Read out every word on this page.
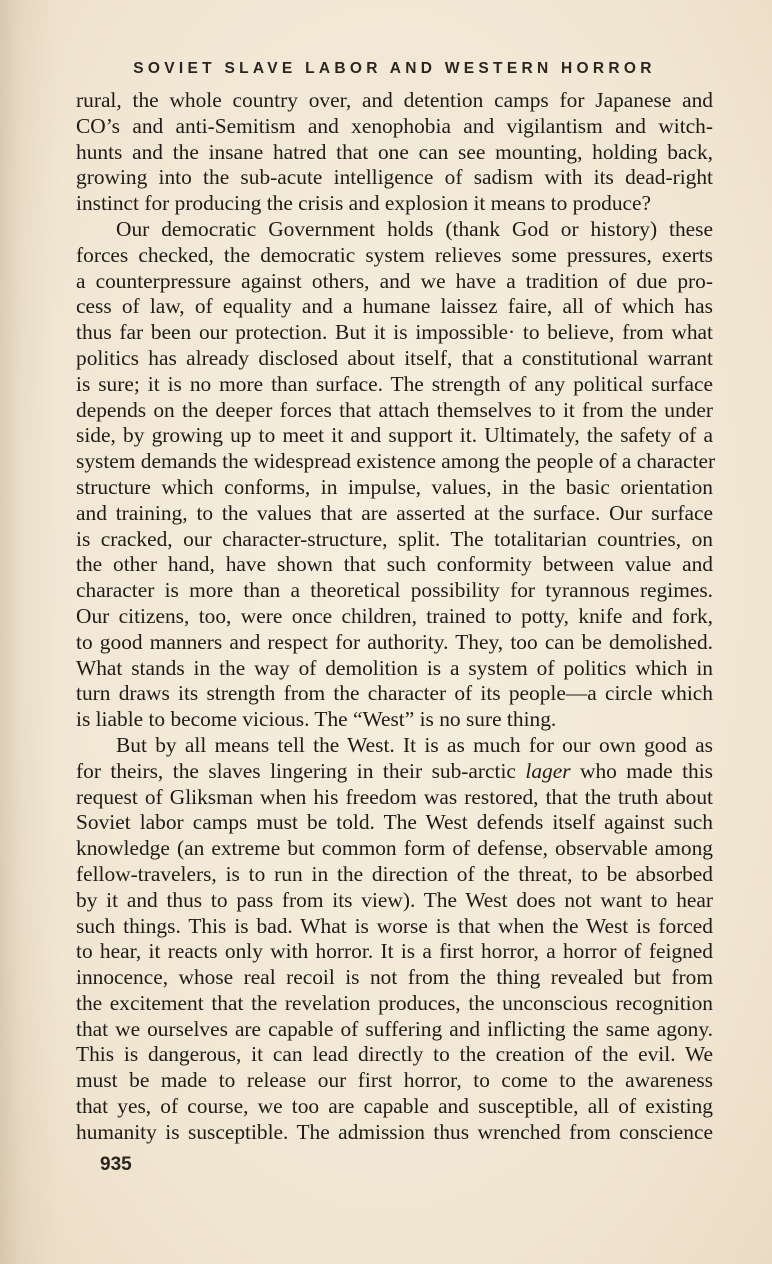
SOVIET SLAVE LABOR AND WESTERN HORROR

rural, the whole country over, and detention camps for Japanese and
CO’s and anti-Semitism and xenophobia and vigilantism and witch-
hunts and the insane hatred that one can see mounting, holding back,
growing into the sub-acute intelligence of sadism with its dead-right
instinct for producing the crisis and explosion it means to produce?

Our democratic Government holds (thank God or history) these
forces checked, the democratic system relieves some pressures, exerts
a counterpressure against others, and we have a tradition of due pro-
cess of law, of equality and a humane laissez faire, all of which has
thus far been our protection. But it is impossible· to believe, from what
politics has already disclosed about itself, that a constitutional warrant
is sure; it is no more than surface. The strength of any political surface
depends on the deeper forces that attach themselves to it from the under
side, by growing up to meet it and support it. Ultimately, the safety of a
system demands the widespread existence among the people of a character
structure which conforms, in impulse, values, in the basic orientation
and training, to the values that are asserted at the surface. Our surface
is cracked, our character-structure, split. The totalitarian countries, on
the other hand, have shown that such conformity between value and
character is more than a theoretical possibility for tyrannous regimes.
Our citizens, too, were once children, trained to potty, knife and fork,
to good manners and respect for authority. They, too can be demolished.
What stands in the way of demolition is a system of politics which in
turn draws its strength from the character of its people—a circle which
is liable to become vicious. The “West” is no sure thing.

But by all means tell the West. It is as much for our own good as
for theirs, the slaves lingering in their sub-arctic lager who made this
request of Gliksman when his freedom was restored, that the truth about
Soviet labor camps must be told. The West defends itself against such
knowledge (an extreme but common form of defense, observable among
fellow-travelers, is to run in the direction of the threat, to be absorbed
by it and thus to pass from its view). The West does not want to hear
such things. This is bad. What is worse is that when the West is forced
to hear, it reacts only with horror. It is a first horror, a horror of feigned
innocence, whose real recoil is not from the thing revealed but from
the excitement that the revelation produces, the unconscious recognition
that we ourselves are capable of suffering and inflicting the same agony.
This is dangerous, it can lead directly to the creation of the evil. We
must be made to release our first horror, to come to the awareness
that yes, of course, we too are capable and susceptible, all of existing
humanity is susceptible. The admission thus wrenched from conscience

935
